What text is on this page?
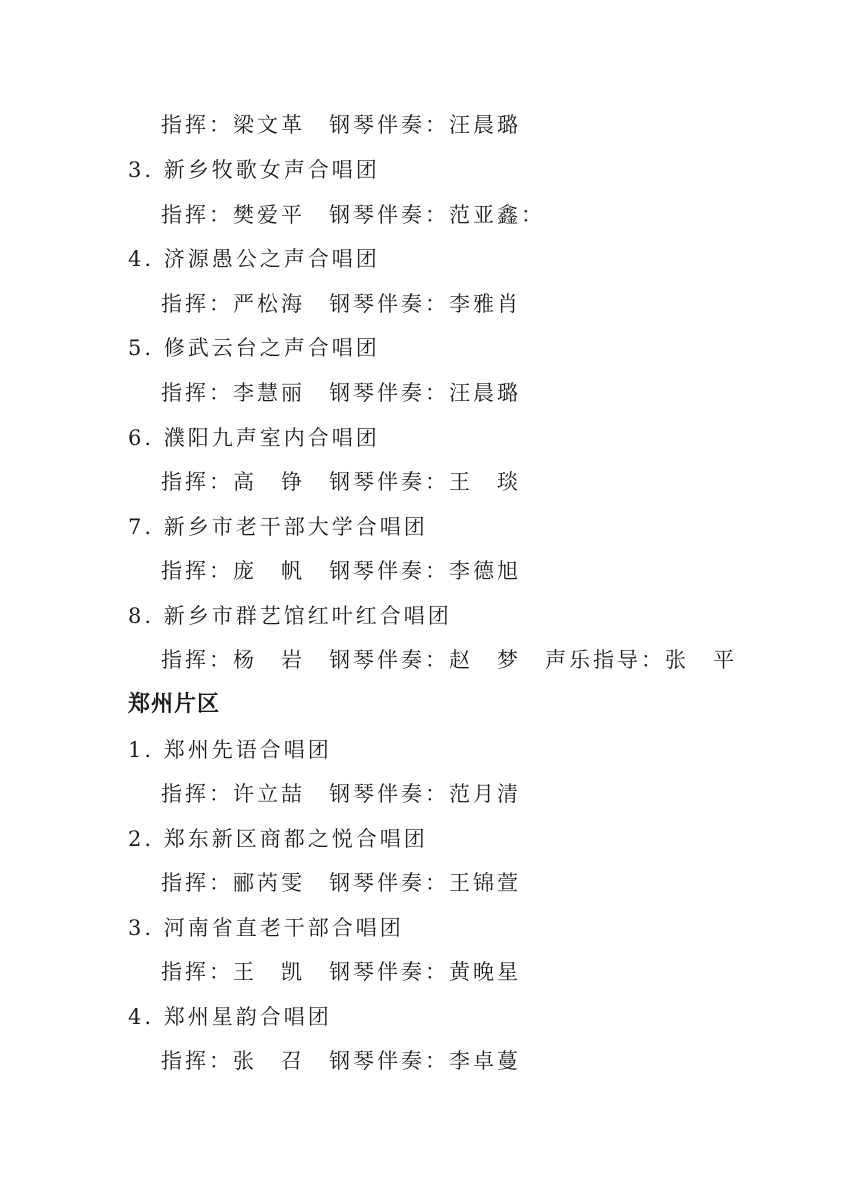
指挥：梁文革　钢琴伴奏：汪晨璐
3. 新乡牧歌女声合唱团
指挥：樊爱平　钢琴伴奏：范亚鑫：
4. 济源愚公之声合唱团
指挥：严松海　钢琴伴奏：李雅肖
5. 修武云台之声合唱团
指挥：李慧丽　钢琴伴奏：汪晨璐
6. 濮阳九声室内合唱团
指挥：高　铮　钢琴伴奏：王　琰
7. 新乡市老干部大学合唱团
指挥：庞　帆　钢琴伴奏：李德旭
8. 新乡市群艺馆红叶红合唱团
指挥：杨　岩　钢琴伴奏：赵　梦　声乐指导：张　平
郑州片区
1. 郑州先语合唱团
指挥：许立喆　钢琴伴奏：范月清
2. 郑东新区商都之悦合唱团
指挥：郦芮雯　钢琴伴奏：王锦萱
3. 河南省直老干部合唱团
指挥：王　凯　钢琴伴奏：黄晚星
4. 郑州星韵合唱团
指挥：张　召　钢琴伴奏：李卓蔓
